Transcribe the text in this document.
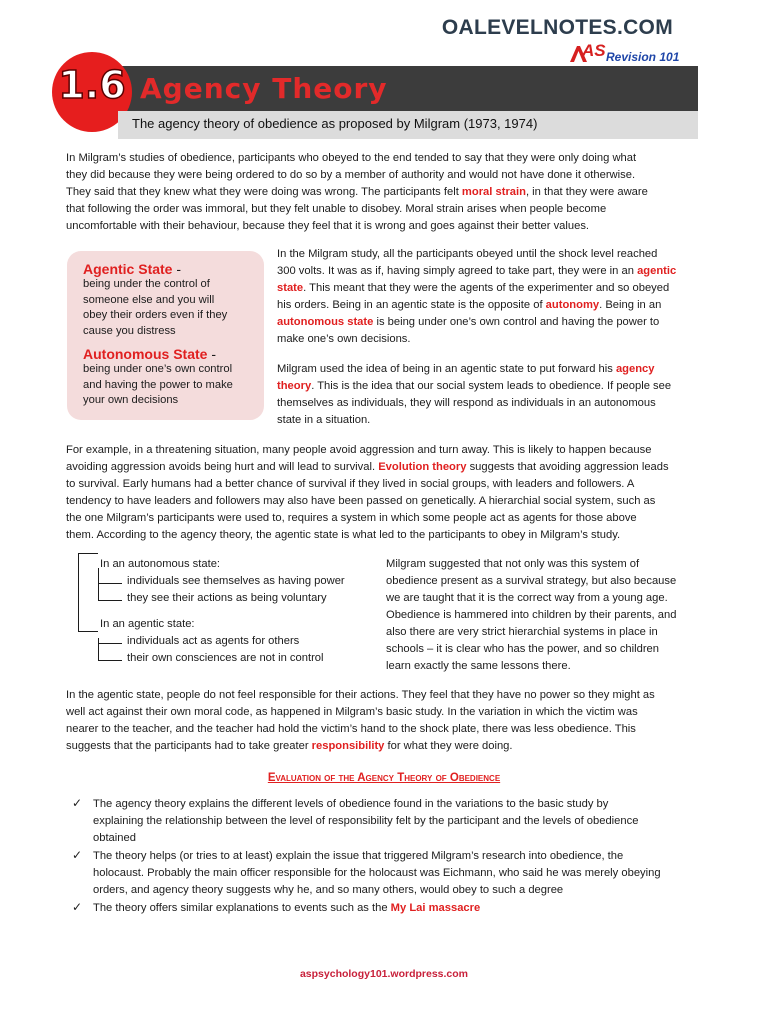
OALEVELNOTES.COM
AS Revision 101
Agency Theory
1.6
The agency theory of obedience as proposed by Milgram (1973, 1974)
In Milgram’s studies of obedience, participants who obeyed to the end tended to say that they were only doing what
they did because they were being ordered to do so by a member of authority and would not have done it otherwise.
They said that they knew what they were doing was wrong. The participants felt moral strain, in that they were aware
that following the order was immoral, but they felt unable to disobey. Moral strain arises when people become
uncomfortable with their behaviour, because they feel that it is wrong and goes against their better values.
Agentic State -
being under the control of
someone else and you will
obey their orders even if they
cause you distress
Autonomous State -
being under one’s own control
and having the power to make
your own decisions
In the Milgram study, all the participants obeyed until the shock level reached
300 volts. It was as if, having simply agreed to take part, they were in an agentic
state. This meant that they were the agents of the experimenter and so obeyed
his orders. Being in an agentic state is the opposite of autonomy. Being in an
autonomous state is being under one’s own control and having the power to
make one’s own decisions.
Milgram used the idea of being in an agentic state to put forward his agency
theory. This is the idea that our social system leads to obedience. If people see
themselves as individuals, they will respond as individuals in an autonomous
state in a situation.
For example, in a threatening situation, many people avoid aggression and turn away. This is likely to happen because
avoiding aggression avoids being hurt and will lead to survival. Evolution theory suggests that avoiding aggression leads
to survival. Early humans had a better chance of survival if they lived in social groups, with leaders and followers. A
tendency to have leaders and followers may also have been passed on genetically. A hierarchial social system, such as
the one Milgram’s participants were used to, requires a system in which some people act as agents for those above
them. According to the agency theory, the agentic state is what led to the participants to obey in Milgram’s study.
In an autonomous state:
individuals see themselves as having power
they see their actions as being voluntary
In an agentic state:
individuals act as agents for others
their own consciences are not in control
Milgram suggested that not only was this system of
obedience present as a survival strategy, but also because
we are taught that it is the correct way from a young age.
Obedience is hammered into children by their parents, and
also there are very strict hierarchial systems in place in
schools – it is clear who has the power, and so children
learn exactly the same lessons there.
In the agentic state, people do not feel responsible for their actions. They feel that they have no power so they might as
well act against their own moral code, as happened in Milgram’s basic study. In the variation in which the victim was
nearer to the teacher, and the teacher had hold the victim’s hand to the shock plate, there was less obedience. This
suggests that the participants had to take greater responsibility for what they were doing.
Evaluation of the Agency Theory of Obedience
✓ The agency theory explains the different levels of obedience found in the variations to the basic study by
explaining the relationship between the level of responsibility felt by the participant and the levels of obedience
obtained
✓ The theory helps (or tries to at least) explain the issue that triggered Milgram’s research into obedience, the
holocaust. Probably the main officer responsible for the holocaust was Eichmann, who said he was merely obeying
orders, and agency theory suggests why he, and so many others, would obey to such a degree
✓ The theory offers similar explanations to events such as the My Lai massacre
aspsychology101.wordpress.com
